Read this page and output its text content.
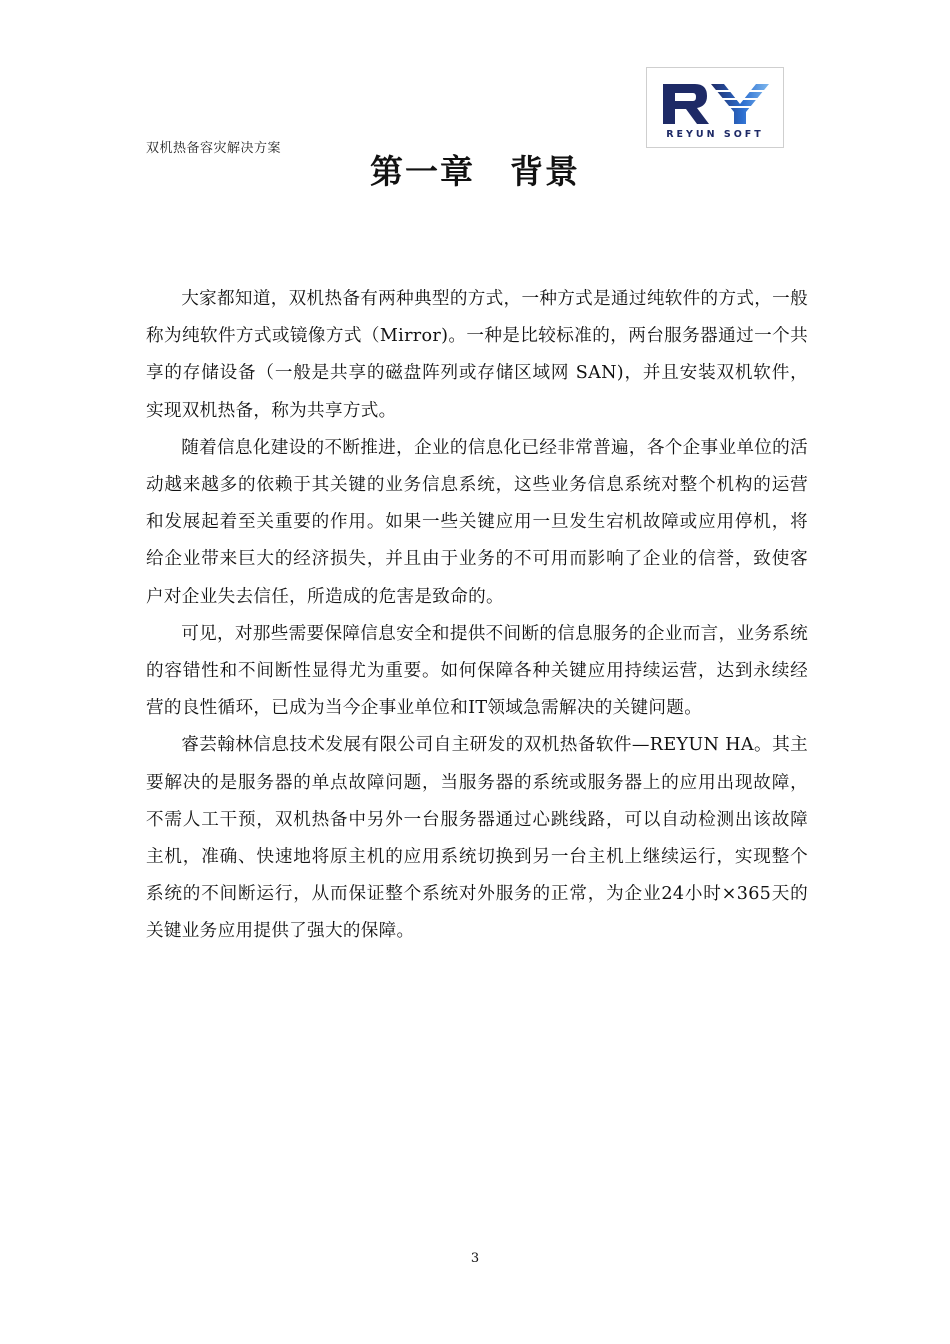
双机热备容灾解决方案
REYUN SOFT
第一章　背景

大家都知道，双机热备有两种典型的方式，一种方式是通过纯软件的方式，一般称为纯软件方式或镜像方式（Mirror)。一种是比较标准的，两台服务器通过一个共享的存储设备（一般是共享的磁盘阵列或存储区域网 SAN)，并且安装双机软件，实现双机热备，称为共享方式。

随着信息化建设的不断推进，企业的信息化已经非常普遍，各个企事业单位的活动越来越多的依赖于其关键的业务信息系统，这些业务信息系统对整个机构的运营和发展起着至关重要的作用。如果一些关键应用一旦发生宕机故障或应用停机，将给企业带来巨大的经济损失，并且由于业务的不可用而影响了企业的信誉，致使客户对企业失去信任，所造成的危害是致命的。

可见，对那些需要保障信息安全和提供不间断的信息服务的企业而言，业务系统的容错性和不间断性显得尤为重要。如何保障各种关键应用持续运营，达到永续经营的良性循环，已成为当今企事业单位和IT领域急需解决的关键问题。

睿芸翰林信息技术发展有限公司自主研发的双机热备软件—REYUN HA。其主要解决的是服务器的单点故障问题，当服务器的系统或服务器上的应用出现故障，不需人工干预，双机热备中另外一台服务器通过心跳线路，可以自动检测出该故障主机，准确、快速地将原主机的应用系统切换到另一台主机上继续运行，实现整个系统的不间断运行，从而保证整个系统对外服务的正常，为企业24小时×365天的关键业务应用提供了强大的保障。

3
